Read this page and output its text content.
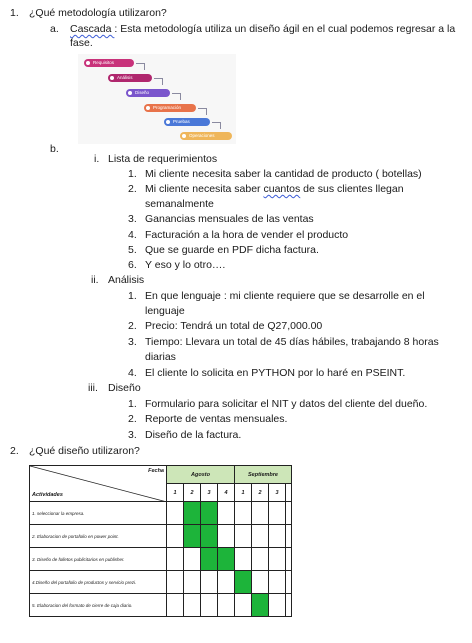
1. ¿Qué metodología utilizaron?
a. Cascada : Esta metodología utiliza un diseño ágil en el cual podemos regresar a la
fase.
Requisitos
Análisis
Diseño
Programación
Pruebas
Operaciones
b.
i. Lista de requerimientos
1. Mi cliente necesita saber la cantidad de producto ( botellas)
2. Mi cliente necesita saber cuantos de sus clientes llegan
semanalmente
3. Ganancias mensuales de las ventas
4. Facturación a la hora de vender el producto
5. Que se guarde en PDF dicha factura.
6. Y eso y lo otro….
ii. Análisis
1. En que lenguaje : mi cliente requiere que se desarrolle en el
lenguaje
2. Precio: Tendrá un total de Q27,000.00
3. Tiempo: Llevara un total de 45 días hábiles, trabajando 8 horas
diarias
4. El cliente lo solicita en PYTHON por lo haré en PSEINT.
iii. Diseño
1. Formulario para solicitar el NIT y datos del cliente del dueño.
2. Reporte de ventas mensuales.
3. Diseño de la factura.
2. ¿Qué diseño utilizaron?
Fecha
Actividades	Agosto				Septiembre			
	1	2	3	4	1	2	3	
1. seleccionar la empresa.								
2. Elaboracion de portafolio en power point.								
3. Diseño de folletos publicitarios en publisher.								
4.Diseño del portafolio de productos y servicio prezi.								
5. Elaboracion del formato de cierre de caja diario.								
